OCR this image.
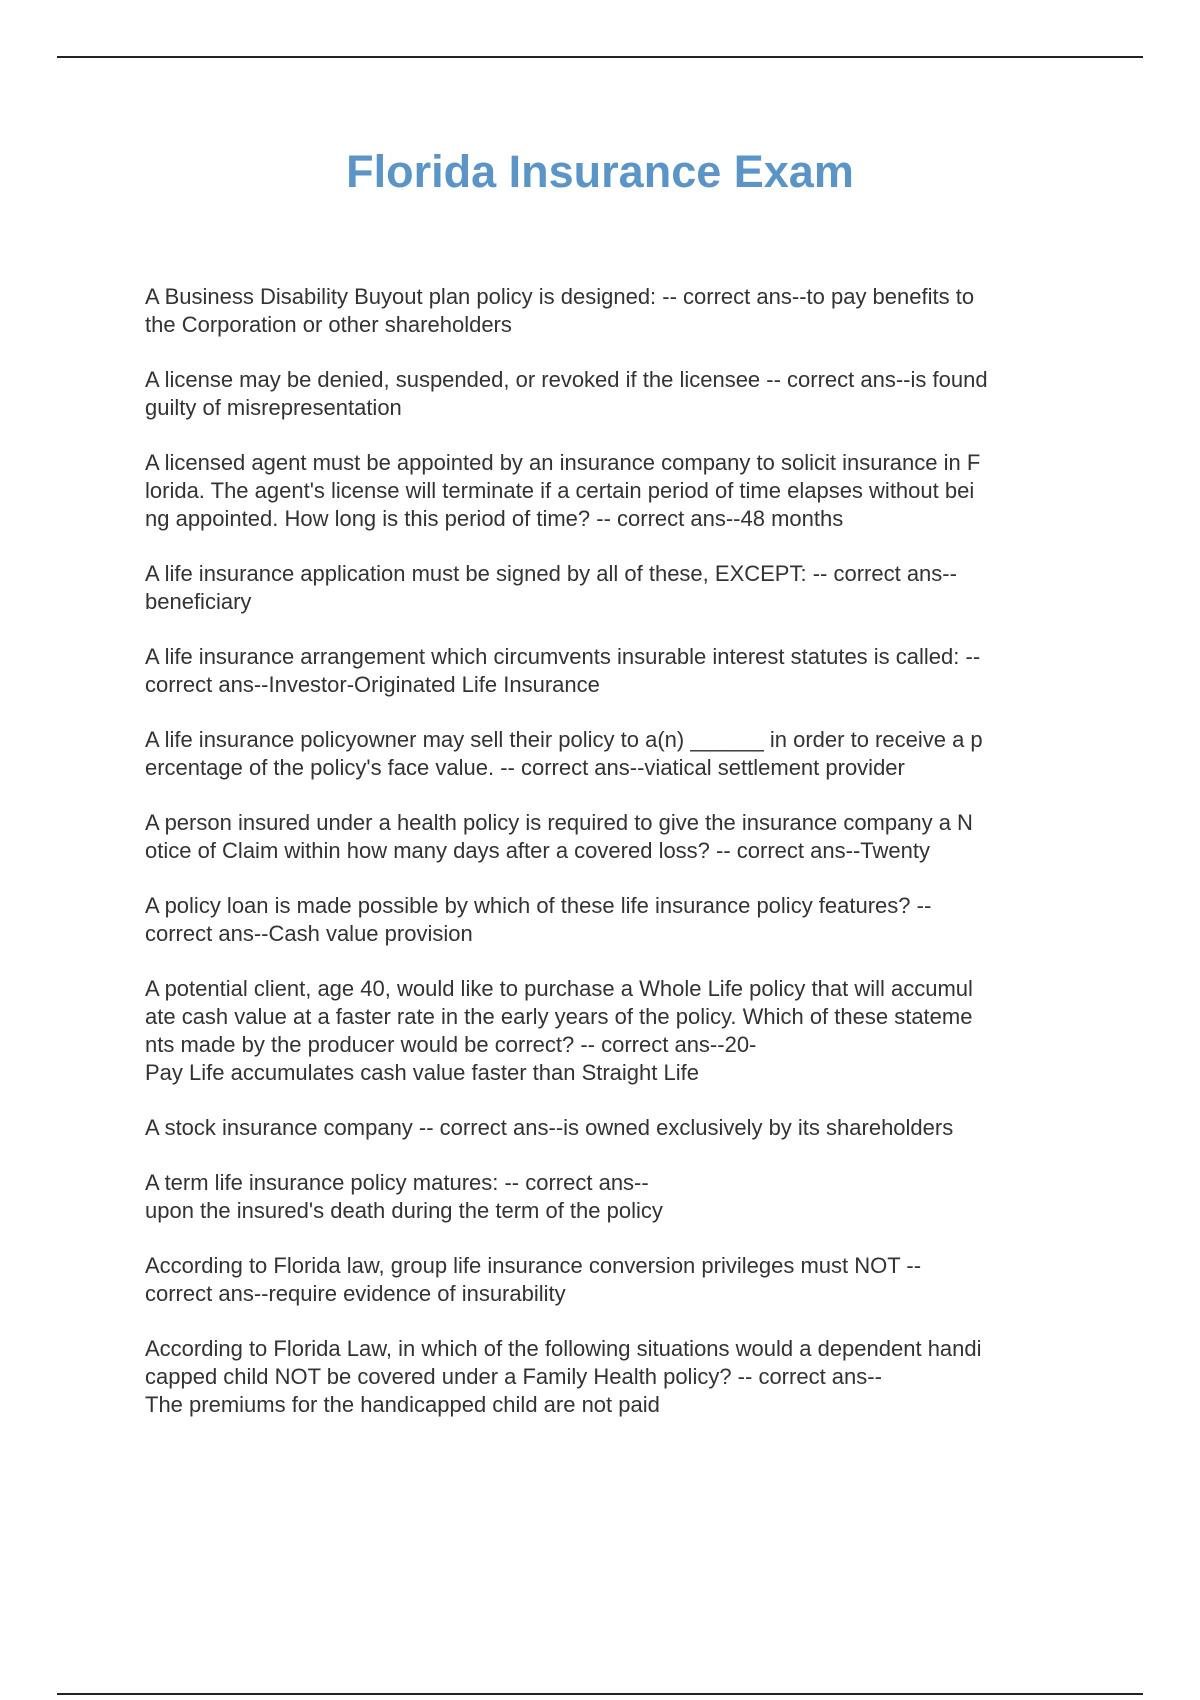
Florida Insurance Exam

A Business Disability Buyout plan policy is designed: -- correct ans--to pay benefits to
the Corporation or other shareholders

A license may be denied, suspended, or revoked if the licensee -- correct ans--is found
guilty of misrepresentation

A licensed agent must be appointed by an insurance company to solicit insurance in F
lorida. The agent's license will terminate if a certain period of time elapses without bei
ng appointed. How long is this period of time? -- correct ans--48 months

A life insurance application must be signed by all of these, EXCEPT: -- correct ans--
beneficiary

A life insurance arrangement which circumvents insurable interest statutes is called: --
correct ans--Investor-Originated Life Insurance

A life insurance policyowner may sell their policy to a(n) ______ in order to receive a p
ercentage of the policy's face value. -- correct ans--viatical settlement provider

A person insured under a health policy is required to give the insurance company a N
otice of Claim within how many days after a covered loss? -- correct ans--Twenty

A policy loan is made possible by which of these life insurance policy features? --
correct ans--Cash value provision

A potential client, age 40, would like to purchase a Whole Life policy that will accumul
ate cash value at a faster rate in the early years of the policy. Which of these stateme
nts made by the producer would be correct? -- correct ans--20-
Pay Life accumulates cash value faster than Straight Life

A stock insurance company -- correct ans--is owned exclusively by its shareholders

A term life insurance policy matures: -- correct ans--
upon the insured's death during the term of the policy

According to Florida law, group life insurance conversion privileges must NOT --
correct ans--require evidence of insurability

According to Florida Law, in which of the following situations would a dependent handi
capped child NOT be covered under a Family Health policy? -- correct ans--
The premiums for the handicapped child are not paid
